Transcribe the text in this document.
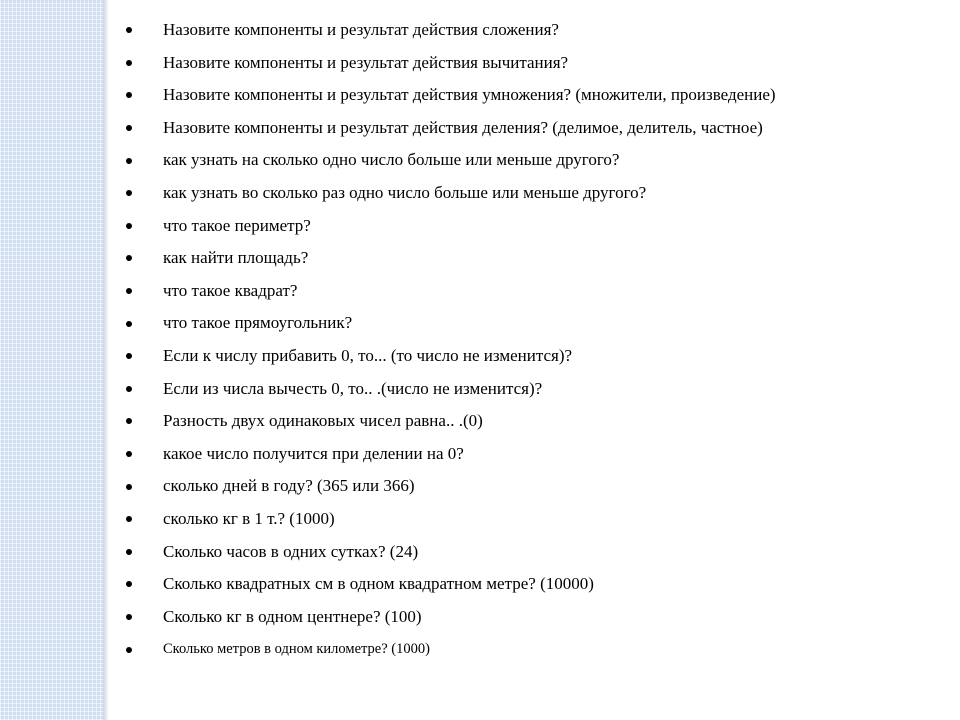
Назовите компоненты и результат действия сложения?
Назовите компоненты и результат действия вычитания?
Назовите компоненты и результат действия умножения? (множители, произведение)
Назовите компоненты и результат действия деления? (делимое, делитель, частное)
как узнать на сколько одно число больше или меньше другого?
как узнать во сколько раз одно число больше или меньше другого?
что такое периметр?
как найти площадь?
что такое квадрат?
что такое прямоугольник?
Если к числу прибавить 0, то... (то число не изменится)?
Если из числа вычесть 0, то.. .(число не изменится)?
Разность двух одинаковых чисел равна.. .(0)
какое число получится при делении на 0?
сколько дней в году? (365 или 366)
сколько кг в 1 т.? (1000)
Сколько часов в одних сутках? (24)
Сколько квадратных см в одном квадратном метре? (10000)
Сколько кг в одном центнере? (100)
Сколько метров в одном километре? (1000)
